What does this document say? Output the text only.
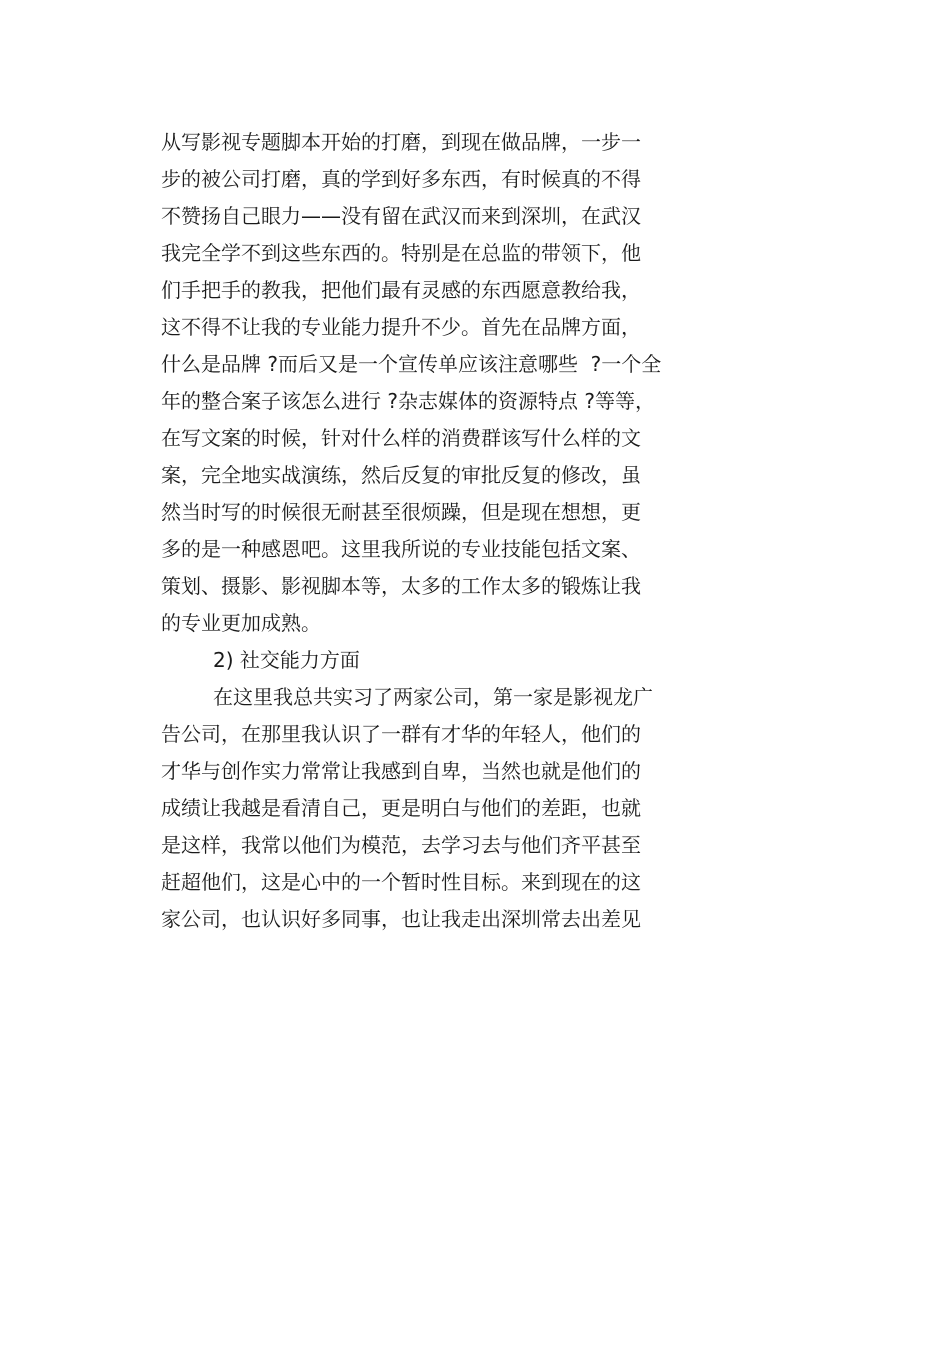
从写影视专题脚本开始的打磨，到现在做品牌，一步一

步的被公司打磨，真的学到好多东西，有时候真的不得

不赞扬自己眼力——没有留在武汉而来到深圳，在武汉

我完全学不到这些东西的。特别是在总监的带领下，他

们手把手的教我，把他们最有灵感的东西愿意教给我，

这不得不让我的专业能力提升不少。首先在品牌方面，

什么是品牌 ?而后又是一个宣传单应该注意哪些  ?一个全

年的整合案子该怎么进行 ?杂志媒体的资源特点 ?等等，

在写文案的时候，针对什么样的消费群该写什么样的文

案，完全地实战演练，然后反复的审批反复的修改，虽

然当时写的时候很无耐甚至很烦躁，但是现在想想，更

多的是一种感恩吧。这里我所说的专业技能包括文案、

策划、摄影、影视脚本等，太多的工作太多的锻炼让我

的专业更加成熟。

2) 社交能力方面

在这里我总共实习了两家公司，第一家是影视龙广

告公司，在那里我认识了一群有才华的年轻人，他们的

才华与创作实力常常让我感到自卑，当然也就是他们的

成绩让我越是看清自己，更是明白与他们的差距，也就

是这样，我常以他们为模范，去学习去与他们齐平甚至

赶超他们，这是心中的一个暂时性目标。来到现在的这

家公司，也认识好多同事，也让我走出深圳常去出差见
